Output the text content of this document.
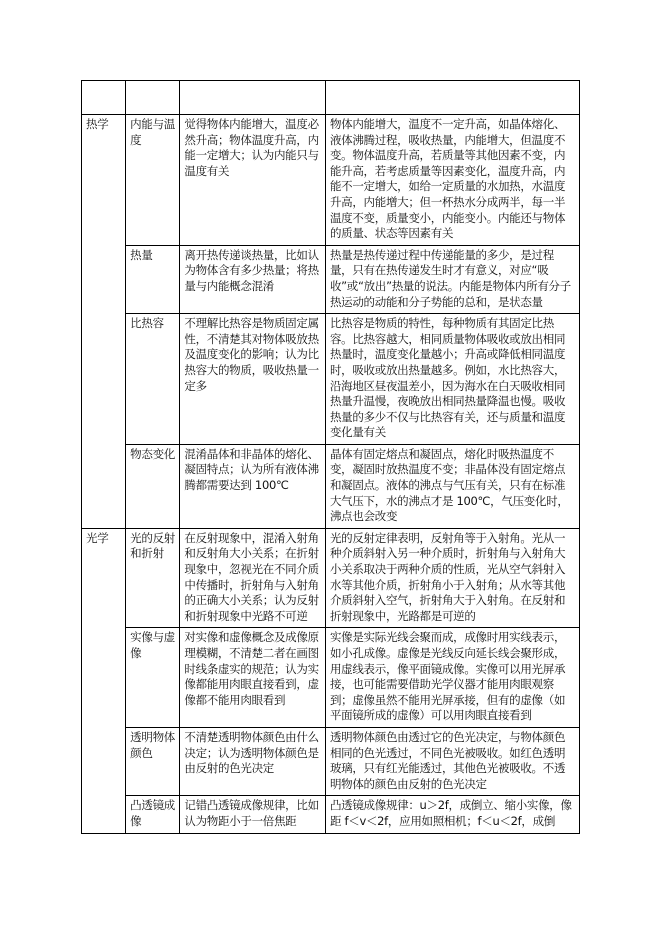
热学	内能与温度	觉得物体内能增大，温度必然升高；物体温度升高，内能一定增大；认为内能只与温度有关	物体内能增大，温度不一定升高，如晶体熔化、液体沸腾过程，吸收热量，内能增大，但温度不变。物体温度升高，若质量等其他因素不变，内能升高，若考虑质量等因素变化，温度升高，内能不一定增大，如给一定质量的水加热，水温度升高，内能增大；但一杯热水分成两半，每一半温度不变，质量变小，内能变小。内能还与物体的质量、状态等因素有关
	热量	离开热传递谈热量，比如认为物体含有多少热量；将热量与内能概念混淆	热量是热传递过程中传递能量的多少，是过程量，只有在热传递发生时才有意义，对应“吸收”或“放出”热量的说法。内能是物体内所有分子热运动的动能和分子势能的总和，是状态量
	比热容	不理解比热容是物质固定属性，不清楚其对物体吸放热及温度变化的影响；认为比热容大的物质，吸收热量一定多	比热容是物质的特性，每种物质有其固定比热容。比热容越大，相同质量物体吸收或放出相同热量时，温度变化量越小；升高或降低相同温度时，吸收或放出热量越多。例如，水比热容大，沿海地区昼夜温差小，因为海水在白天吸收相同热量升温慢，夜晚放出相同热量降温也慢。吸收热量的多少不仅与比热容有关，还与质量和温度变化量有关
	物态变化	混淆晶体和非晶体的熔化、凝固特点；认为所有液体沸腾都需要达到 100℃	晶体有固定熔点和凝固点，熔化时吸热温度不变，凝固时放热温度不变；非晶体没有固定熔点和凝固点。液体的沸点与气压有关，只有在标准大气压下，水的沸点才是 100℃，气压变化时，沸点也会改变
光学	光的反射和折射	在反射现象中，混淆入射角和反射角大小关系；在折射现象中，忽视光在不同介质中传播时，折射角与入射角的正确大小关系；认为反射和折射现象中光路不可逆	光的反射定律表明，反射角等于入射角。光从一种介质斜射入另一种介质时，折射角与入射角大小关系取决于两种介质的性质，光从空气斜射入水等其他介质，折射角小于入射角；从水等其他介质斜射入空气，折射角大于入射角。在反射和折射现象中，光路都是可逆的
	实像与虚像	对实像和虚像概念及成像原理模糊，不清楚二者在画图时线条虚实的规范；认为实像都能用肉眼直接看到，虚像都不能用肉眼看到	实像是实际光线会聚而成，成像时用实线表示，如小孔成像。虚像是光线反向延长线会聚形成，用虚线表示，像平面镜成像。实像可以用光屏承接，也可能需要借助光学仪器才能用肉眼观察到；虚像虽然不能用光屏承接，但有的虚像（如平面镜所成的虚像）可以用肉眼直接看到
	透明物体颜色	不清楚透明物体颜色由什么决定；认为透明物体颜色是由反射的色光决定	透明物体颜色由透过它的色光决定，与物体颜色相同的色光透过，不同色光被吸收。如红色透明玻璃，只有红光能透过，其他色光被吸收。不透明物体的颜色由反射的色光决定
	凸透镜成像	记错凸透镜成像规律，比如认为物距小于一倍焦距	凸透镜成像规律：u＞2f，成倒立、缩小实像，像距 f＜v＜2f，应用如照相机；f＜u＜2f，成倒
